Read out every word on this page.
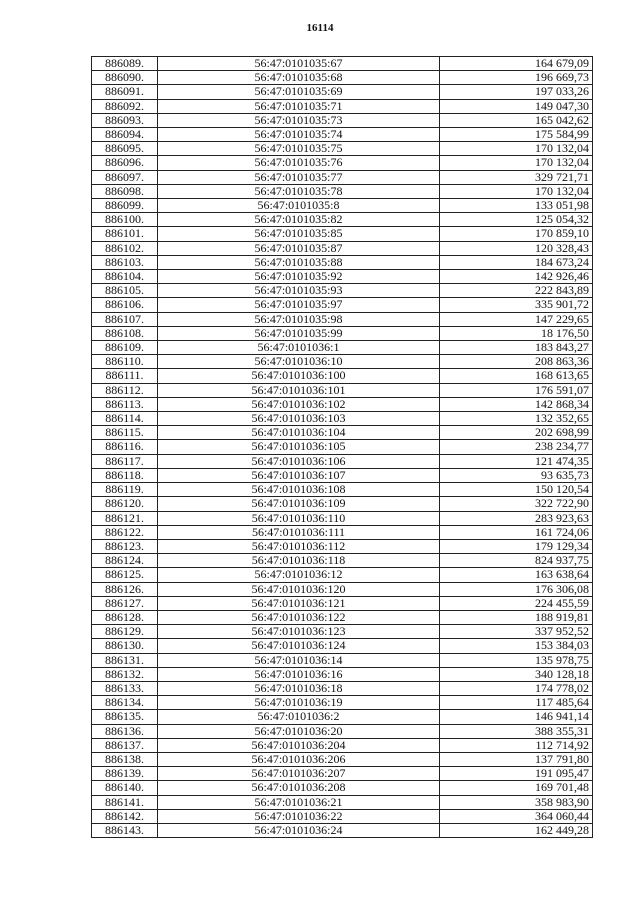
16114
886089.	56:47:0101035:67	164 679,09
886090.	56:47:0101035:68	196 669,73
886091.	56:47:0101035:69	197 033,26
886092.	56:47:0101035:71	149 047,30
886093.	56:47:0101035:73	165 042,62
886094.	56:47:0101035:74	175 584,99
886095.	56:47:0101035:75	170 132,04
886096.	56:47:0101035:76	170 132,04
886097.	56:47:0101035:77	329 721,71
886098.	56:47:0101035:78	170 132,04
886099.	56:47:0101035:8	133 051,98
886100.	56:47:0101035:82	125 054,32
886101.	56:47:0101035:85	170 859,10
886102.	56:47:0101035:87	120 328,43
886103.	56:47:0101035:88	184 673,24
886104.	56:47:0101035:92	142 926,46
886105.	56:47:0101035:93	222 843,89
886106.	56:47:0101035:97	335 901,72
886107.	56:47:0101035:98	147 229,65
886108.	56:47:0101035:99	18 176,50
886109.	56:47:0101036:1	183 843,27
886110.	56:47:0101036:10	208 863,36
886111.	56:47:0101036:100	168 613,65
886112.	56:47:0101036:101	176 591,07
886113.	56:47:0101036:102	142 868,34
886114.	56:47:0101036:103	132 352,65
886115.	56:47:0101036:104	202 698,99
886116.	56:47:0101036:105	238 234,77
886117.	56:47:0101036:106	121 474,35
886118.	56:47:0101036:107	93 635,73
886119.	56:47:0101036:108	150 120,54
886120.	56:47:0101036:109	322 722,90
886121.	56:47:0101036:110	283 923,63
886122.	56:47:0101036:111	161 724,06
886123.	56:47:0101036:112	179 129,34
886124.	56:47:0101036:118	824 937,75
886125.	56:47:0101036:12	163 638,64
886126.	56:47:0101036:120	176 306,08
886127.	56:47:0101036:121	224 455,59
886128.	56:47:0101036:122	188 919,81
886129.	56:47:0101036:123	337 952,52
886130.	56:47:0101036:124	153 384,03
886131.	56:47:0101036:14	135 978,75
886132.	56:47:0101036:16	340 128,18
886133.	56:47:0101036:18	174 778,02
886134.	56:47:0101036:19	117 485,64
886135.	56:47:0101036:2	146 941,14
886136.	56:47:0101036:20	388 355,31
886137.	56:47:0101036:204	112 714,92
886138.	56:47:0101036:206	137 791,80
886139.	56:47:0101036:207	191 095,47
886140.	56:47:0101036:208	169 701,48
886141.	56:47:0101036:21	358 983,90
886142.	56:47:0101036:22	364 060,44
886143.	56:47:0101036:24	162 449,28
